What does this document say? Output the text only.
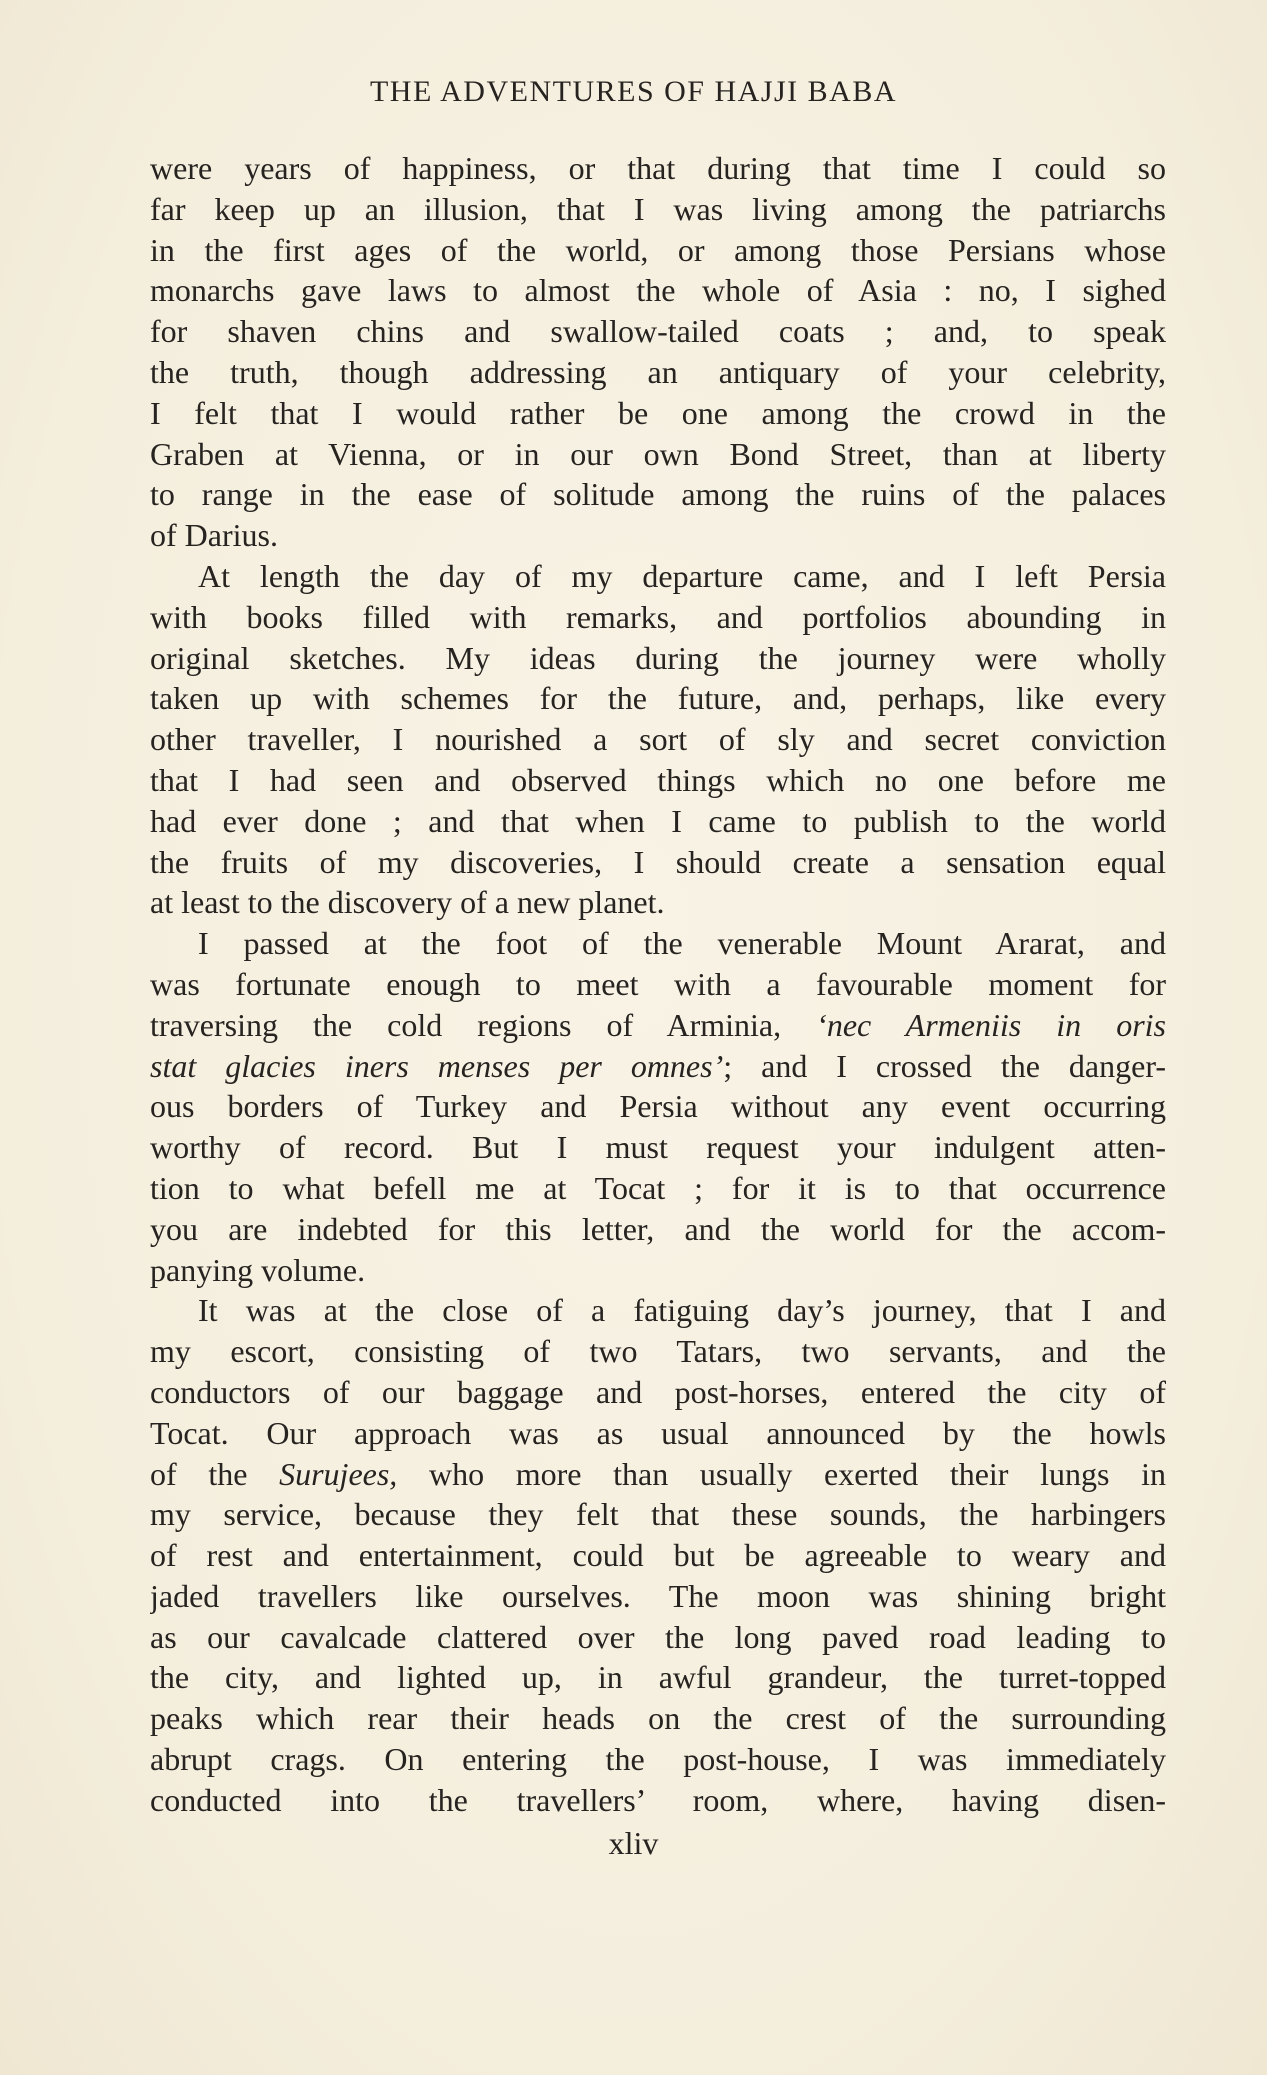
THE ADVENTURES OF HAJJI BABA
were years of happiness, or that during that time I could so
far keep up an illusion, that I was living among the patriarchs
in the first ages of the world, or among those Persians whose
monarchs gave laws to almost the whole of Asia : no, I sighed
for shaven chins and swallow-tailed coats ; and, to speak
the truth, though addressing an antiquary of your celebrity,
I felt that I would rather be one among the crowd in the
Graben at Vienna, or in our own Bond Street, than at liberty
to range in the ease of solitude among the ruins of the palaces
of Darius.
At length the day of my departure came, and I left Persia
with books filled with remarks, and portfolios abounding in
original sketches. My ideas during the journey were wholly
taken up with schemes for the future, and, perhaps, like every
other traveller, I nourished a sort of sly and secret conviction
that I had seen and observed things which no one before me
had ever done ; and that when I came to publish to the world
the fruits of my discoveries, I should create a sensation equal
at least to the discovery of a new planet.
I passed at the foot of the venerable Mount Ararat, and
was fortunate enough to meet with a favourable moment for
traversing the cold regions of Arminia, ‘nec Armeniis in oris
stat glacies iners menses per omnes’; and I crossed the danger-
ous borders of Turkey and Persia without any event occurring
worthy of record. But I must request your indulgent atten-
tion to what befell me at Tocat ; for it is to that occurrence
you are indebted for this letter, and the world for the accom-
panying volume.
It was at the close of a fatiguing day’s journey, that I and
my escort, consisting of two Tatars, two servants, and the
conductors of our baggage and post-horses, entered the city of
Tocat. Our approach was as usual announced by the howls
of the Surujees, who more than usually exerted their lungs in
my service, because they felt that these sounds, the harbingers
of rest and entertainment, could but be agreeable to weary and
jaded travellers like ourselves. The moon was shining bright
as our cavalcade clattered over the long paved road leading to
the city, and lighted up, in awful grandeur, the turret-topped
peaks which rear their heads on the crest of the surrounding
abrupt crags. On entering the post-house, I was immediately
conducted into the travellers’ room, where, having disen-
xliv
